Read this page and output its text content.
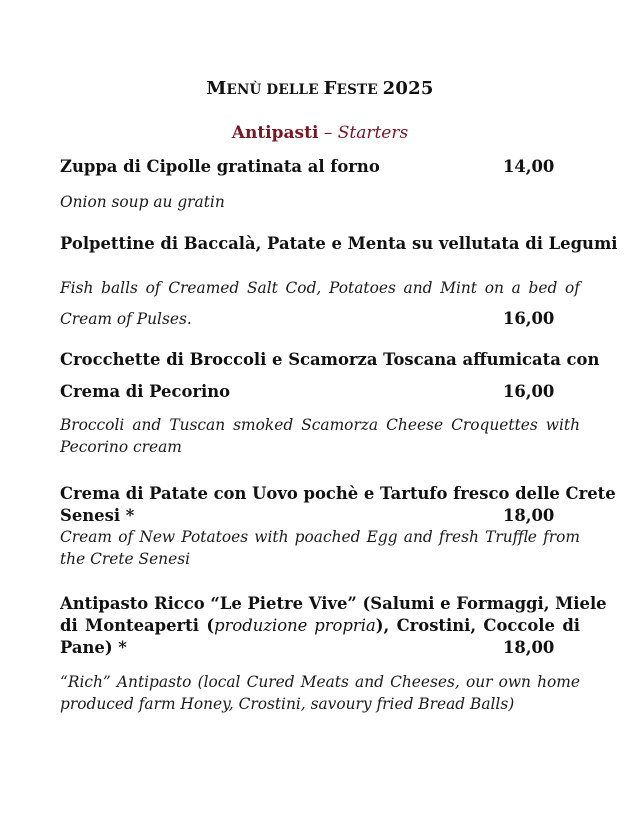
MENÙ DELLE FESTE 2025
Antipasti – Starters
Zuppa di Cipolle gratinata al forno	14,00
Onion soup au gratin
Polpettine di Baccalà, Patate e Menta su vellutata di Legumi
Fish balls of Creamed Salt Cod, Potatoes and Mint on a bed of
Cream of Pulses.	16,00
Crocchette di Broccoli e Scamorza Toscana affumicata con
Crema di Pecorino	16,00
Broccoli and Tuscan smoked Scamorza Cheese Croquettes with
Pecorino cream
Crema di Patate con Uovo pochè e Tartufo fresco delle Crete
Senesi *	18,00
Cream of New Potatoes with poached Egg and fresh Truffle from
the Crete Senesi
Antipasto Ricco “Le Pietre Vive” (Salumi e Formaggi, Miele
di Monteaperti (produzione propria), Crostini, Coccole di
Pane) *	18,00
“Rich” Antipasto (local Cured Meats and Cheeses, our own home
produced farm Honey, Crostini, savoury fried Bread Balls)
